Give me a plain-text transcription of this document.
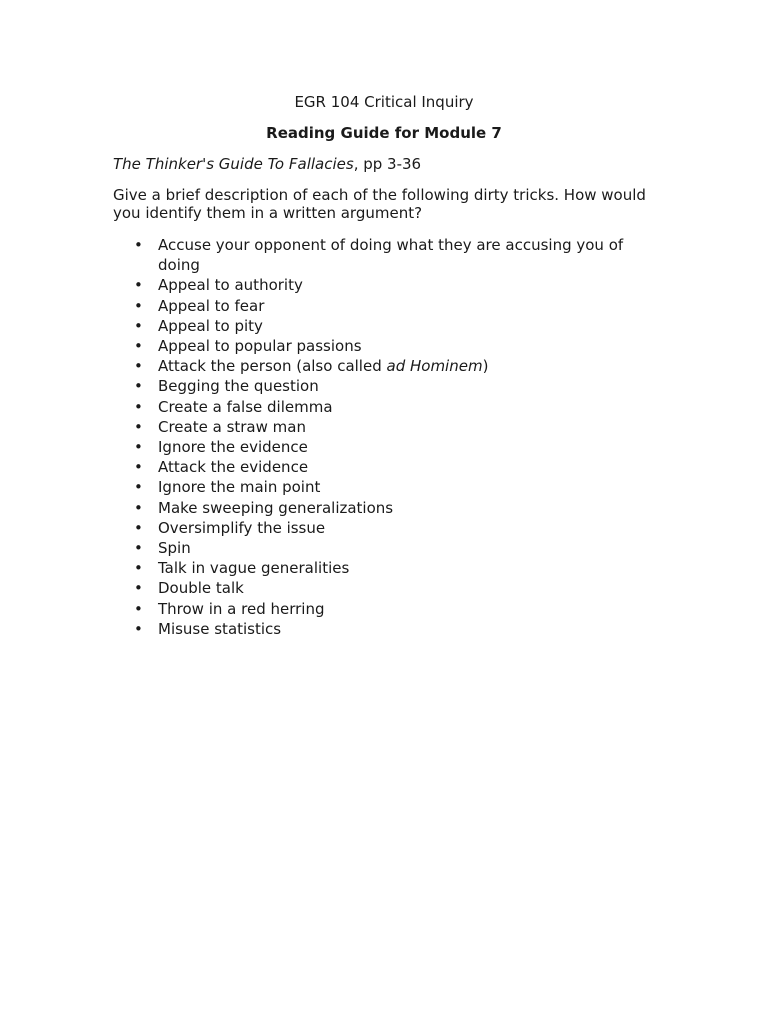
EGR 104 Critical Inquiry
Reading Guide for Module 7
The Thinker's Guide To Fallacies, pp 3-36
Give a brief description of each of the following dirty tricks. How would you identify them in a written argument?
• Accuse your opponent of doing what they are accusing you of doing
• Appeal to authority
• Appeal to fear
• Appeal to pity
• Appeal to popular passions
• Attack the person (also called ad Hominem)
• Begging the question
• Create a false dilemma
• Create a straw man
• Ignore the evidence
• Attack the evidence
• Ignore the main point
• Make sweeping generalizations
• Oversimplify the issue
• Spin
• Talk in vague generalities
• Double talk
• Throw in a red herring
• Misuse statistics
